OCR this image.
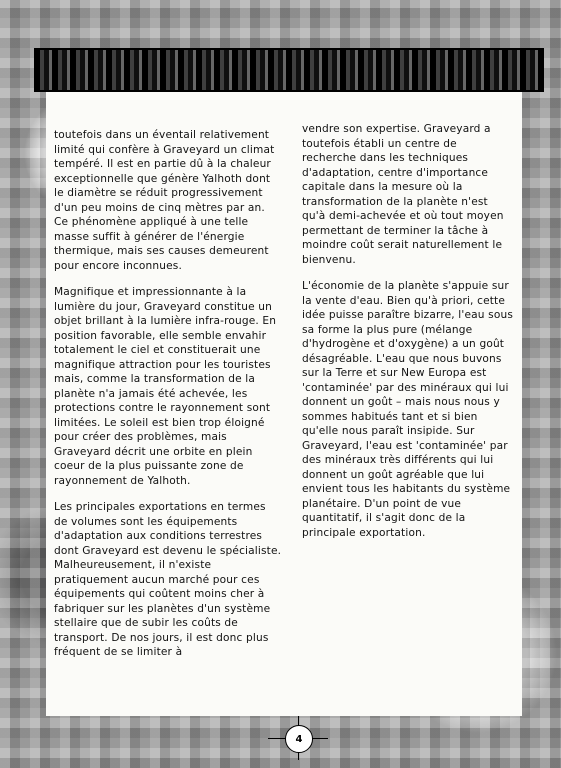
toutefois dans un éventail relativement limité qui confère à Graveyard un climat tempéré. Il est en partie dû à la chaleur exceptionnelle que génère Yalhoth dont le diamètre se réduit progressivement d'un peu moins de cinq mètres par an. Ce phénomène appliqué à une telle masse suffit à générer de l'énergie thermique, mais ses causes demeurent pour encore inconnues.

Magnifique et impressionnante à la lumière du jour, Graveyard constitue un objet brillant à la lumière infra-rouge. En position favorable, elle semble envahir totalement le ciel et constituerait une magnifique attraction pour les touristes mais, comme la transformation de la planète n'a jamais été achevée, les protections contre le rayonnement sont limitées. Le soleil est bien trop éloigné pour créer des problèmes, mais Graveyard décrit une orbite en plein coeur de la plus puissante zone de rayonnement de Yalhoth.

Les principales exportations en termes de volumes sont les équipements d'adaptation aux conditions terrestres dont Graveyard est devenu le spécialiste. Malheureusement, il n'existe pratiquement aucun marché pour ces équipements qui coûtent moins cher à fabriquer sur les planètes d'un système stellaire que de subir les coûts de transport. De nos jours, il est donc plus fréquent de se limiter à

vendre son expertise. Graveyard a toutefois établi un centre de recherche dans les techniques d'adaptation, centre d'importance capitale dans la mesure où la transformation de la planète n'est qu'à demi-achevée et où tout moyen permettant de terminer la tâche à moindre coût serait naturellement le bienvenu.

L'économie de la planète s'appuie sur la vente d'eau. Bien qu'à priori, cette idée puisse paraître bizarre, l'eau sous sa forme la plus pure (mélange d'hydrogène et d'oxygène) a un goût désagréable. L'eau que nous buvons sur la Terre et sur New Europa est 'contaminée' par des minéraux qui lui donnent un goût – mais nous nous y sommes habitués tant et si bien qu'elle nous paraît insipide. Sur Graveyard, l'eau est 'contaminée' par des minéraux très différents qui lui donnent un goût agréable que lui envient tous les habitants du système planétaire. D'un point de vue quantitatif, il s'agit donc de la principale exportation.

4
